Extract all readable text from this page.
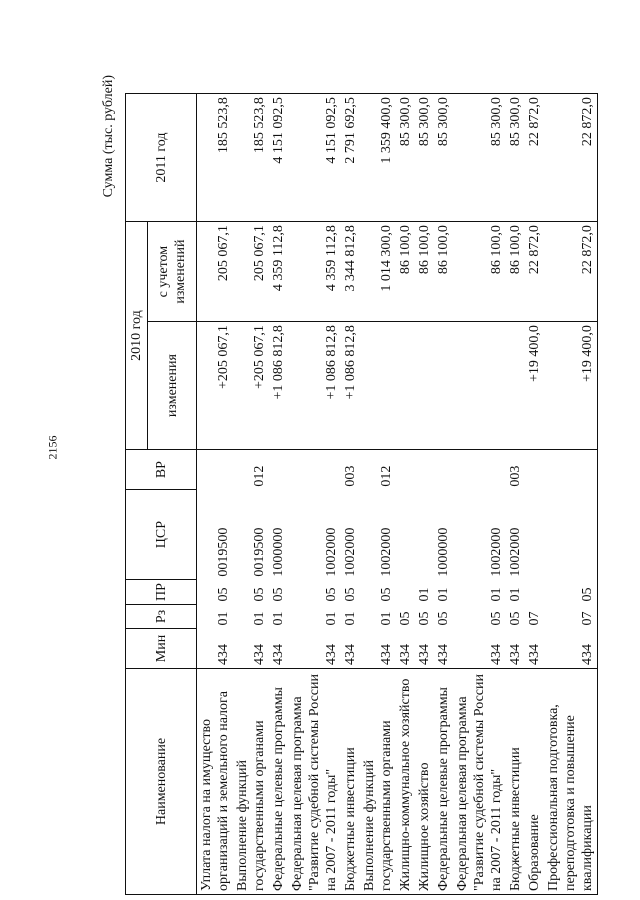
2156
Сумма (тыс. рублей)
Наименование	Мин	Рз	ПР	ЦСР	ВР	2010 год		2011 год
						изменения	с учетом изменений	
Уплата налога на имущество организаций и земельного налога	434	01	05	0019500		+205 067,1	205 067,1	185 523,8
Выполнение функций государственными органами	434	01	05	0019500	012	+205 067,1	205 067,1	185 523,8
Федеральные целевые программы	434	01	05	1000000		+1 086 812,8	4 359 112,8	4 151 092,5
Федеральная целевая программа "Развитие судебной системы России на 2007 - 2011 годы"	434	01	05	1002000		+1 086 812,8	4 359 112,8	4 151 092,5
Бюджетные инвестиции	434	01	05	1002000	003	+1 086 812,8	3 344 812,8	2 791 692,5
Выполнение функций государственными органами	434	01	05	1002000	012		1 014 300,0	1 359 400,0
Жилищно-коммунальное хозяйство	434	05					86 100,0	85 300,0
Жилищное хозяйство	434	05	01				86 100,0	85 300,0
Федеральные целевые программы	434	05	01	1000000			86 100,0	85 300,0
Федеральная целевая программа "Развитие судебной системы России на 2007 - 2011 годы"	434	05	01	1002000			86 100,0	85 300,0
Бюджетные инвестиции	434	05	01	1002000	003		86 100,0	85 300,0
Образование	434	07				+19 400,0	22 872,0	22 872,0
Профессиональная подготовка, переподготовка и повышение квалификации	434	07	05			+19 400,0	22 872,0	22 872,0
